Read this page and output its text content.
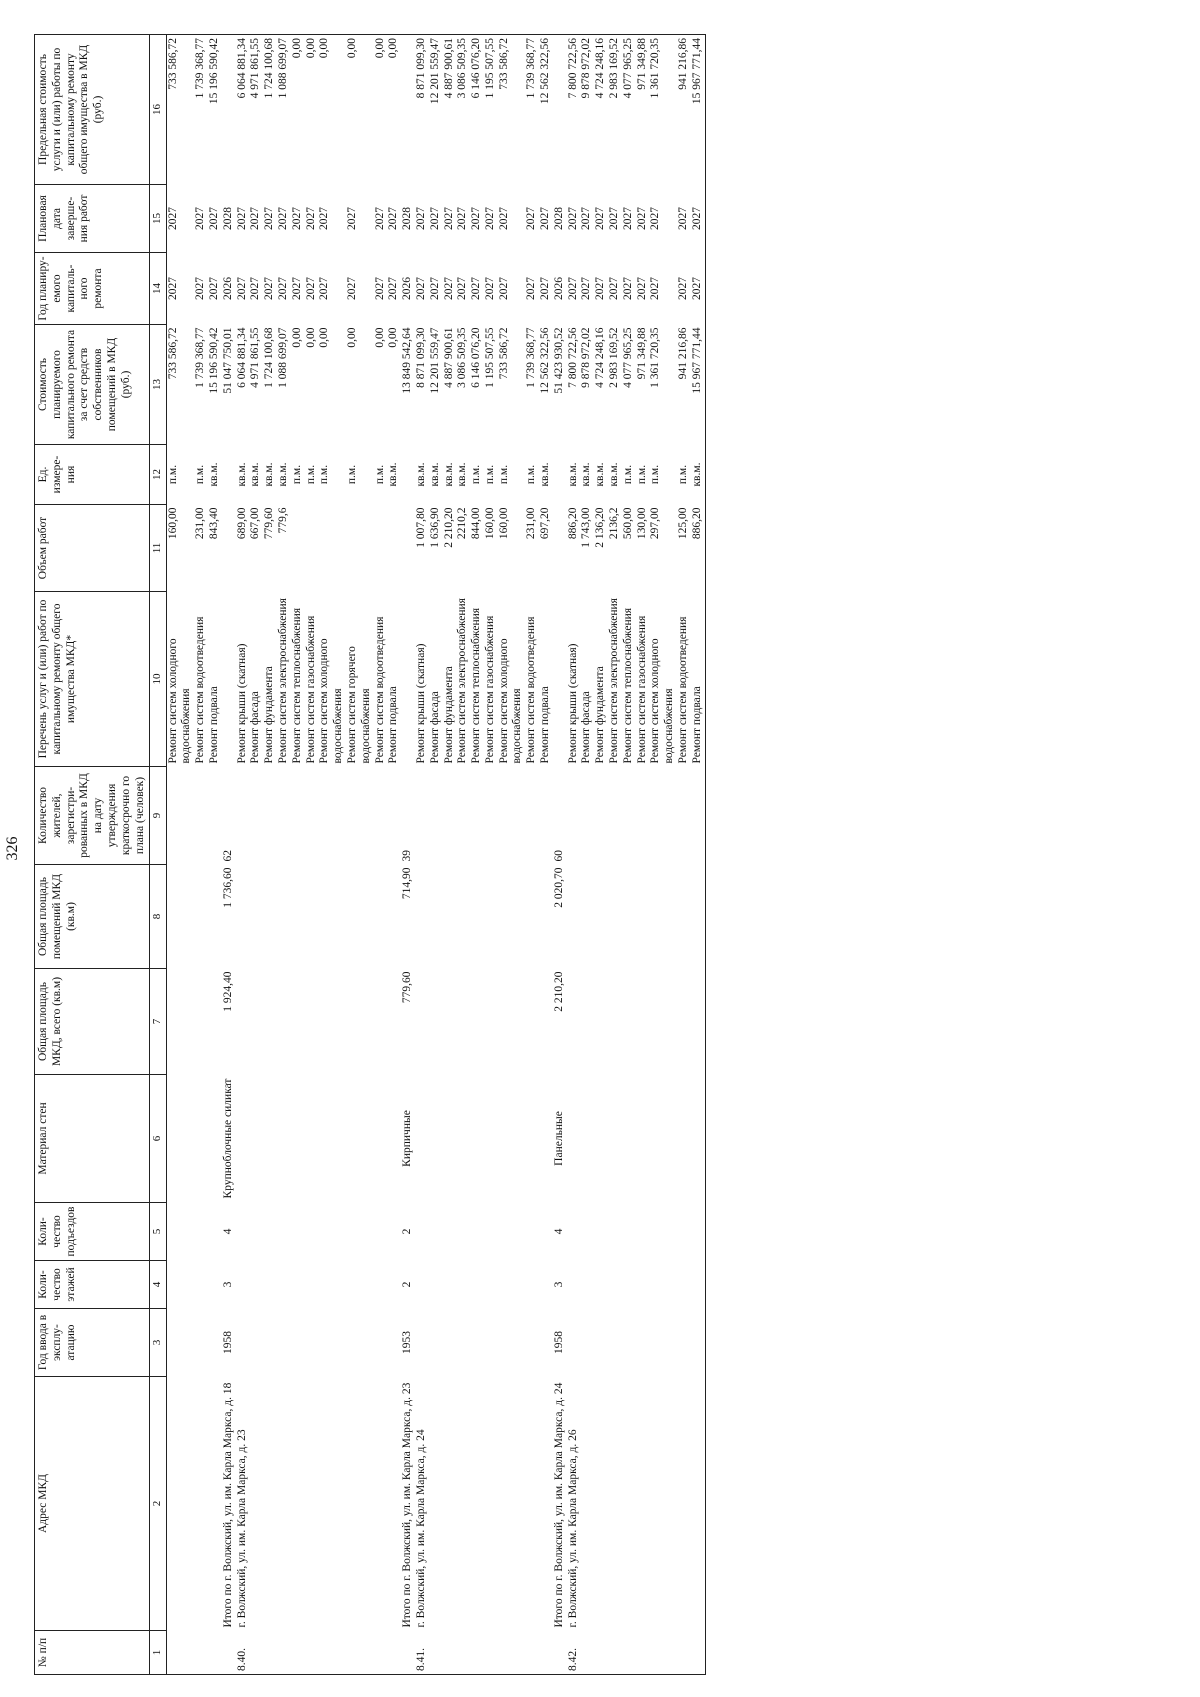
326
№ п/п	Адрес МКД	Год ввода в эксплу- атацию	Коли- чество этажей	Коли- чество подъездов	Материал стен	Общая площадь МКД, всего (кв.м)	Общая площадь помещений МКД (кв.м)	Количество жителей, зарегистри- рованных в МКД на дату утверждения краткосрочно го плана (человек)	Перечень услуг и (или) работ по капитальному ремонту общего имущества МКД*	Объем работ	Ед. измере- ния	Стоимость планируемого капитального ремонта за счет средств собственников помещений в МКД (руб.)	Год планиру- емого капиталь- ного ремонта	Плановая дата заверше- ния работ	Предельная стоимость услуги и (или) работы по капитальному ремонту общего имущества в МКД (руб.)
1	2	3	4	5	6	7	8	9	10	11	12	13	14	15	16
									Ремонт систем холодного водоснабжения	160,00	п.м.	733 586,72	2027	2027	733 586,72
									Ремонт систем водоотведения	231,00	п.м.	1 739 368,77	2027	2027	1 739 368,77
									Ремонт подвала	843,40	кв.м.	15 196 590,42	2027	2027	15 196 590,42
	Итого по г. Волжский, ул. им. Карла Маркса, д. 18	1958	3	4	Крупноблочные силикат	1 924,40	1 736,60	62				51 047 750,01	2026	2028	
8.40.	г. Волжский, ул. им. Карла Маркса, д. 23								Ремонт крыши (скатная)	689,00	кв.м.	6 064 881,34	2027	2027	6 064 881,34
									Ремонт фасада	667,00	кв.м.	4 971 861,55	2027	2027	4 971 861,55
									Ремонт фундамента	779,60	кв.м.	1 724 100,68	2027	2027	1 724 100,68
									Ремонт систем электроснабжения	779,6	кв.м.	1 088 699,07	2027	2027	1 088 699,07
									Ремонт систем теплоснабжения		п.м.	0,00	2027	2027	0,00
									Ремонт систем газоснабжения		п.м.	0,00	2027	2027	0,00
									Ремонт систем холодного водоснабжения		п.м.	0,00	2027	2027	0,00
									Ремонт систем горячего водоснабжения		п.м.	0,00	2027	2027	0,00
									Ремонт систем водоотведения		п.м.	0,00	2027	2027	0,00
									Ремонт подвала		кв.м.	0,00	2027	2027	0,00
	Итого по г. Волжский, ул. им. Карла Маркса, д. 23	1953	2	2	Кирпичные	779,60	714,90	39				13 849 542,64	2026	2028	
8.41.	г. Волжский, ул. им. Карла Маркса, д. 24								Ремонт крыши (скатная)	1 007,80	кв.м.	8 871 099,30	2027	2027	8 871 099,30
									Ремонт фасада	1 636,90	кв.м.	12 201 559,47	2027	2027	12 201 559,47
									Ремонт фундамента	2 210,20	кв.м.	4 887 900,61	2027	2027	4 887 900,61
									Ремонт систем электроснабжения	2210,2	кв.м.	3 086 509,35	2027	2027	3 086 509,35
									Ремонт систем теплоснабжения	844,00	п.м.	6 146 076,20	2027	2027	6 146 076,20
									Ремонт систем газоснабжения	160,00	п.м.	1 195 507,55	2027	2027	1 195 507,55
									Ремонт систем холодного водоснабжения	160,00	п.м.	733 586,72	2027	2027	733 586,72
									Ремонт систем водоотведения	231,00	п.м.	1 739 368,77	2027	2027	1 739 368,77
									Ремонт подвала	697,20	кв.м.	12 562 322,56	2027	2027	12 562 322,56
	Итого по г. Волжский, ул. им. Карла Маркса, д. 24	1958	3	4	Панельные	2 210,20	2 020,70	60				51 423 930,52	2026	2028	
8.42.	г. Волжский, ул. им. Карла Маркса, д. 26								Ремонт крыши (скатная)	886,20	кв.м.	7 800 722,56	2027	2027	7 800 722,56
									Ремонт фасада	1 743,00	кв.м.	9 878 972,02	2027	2027	9 878 972,02
									Ремонт фундамента	2 136,20	кв.м.	4 724 248,16	2027	2027	4 724 248,16
									Ремонт систем электроснабжения	2136,2	кв.м.	2 983 169,52	2027	2027	2 983 169,52
									Ремонт систем теплоснабжения	560,00	п.м.	4 077 965,25	2027	2027	4 077 965,25
									Ремонт систем газоснабжения	130,00	п.м.	971 349,88	2027	2027	971 349,88
									Ремонт систем холодного водоснабжения	297,00	п.м.	1 361 720,35	2027	2027	1 361 720,35
									Ремонт систем водоотведения	125,00	п.м.	941 216,86	2027	2027	941 216,86
									Ремонт подвала	886,20	кв.м.	15 967 771,44	2027	2027	15 967 771,44
